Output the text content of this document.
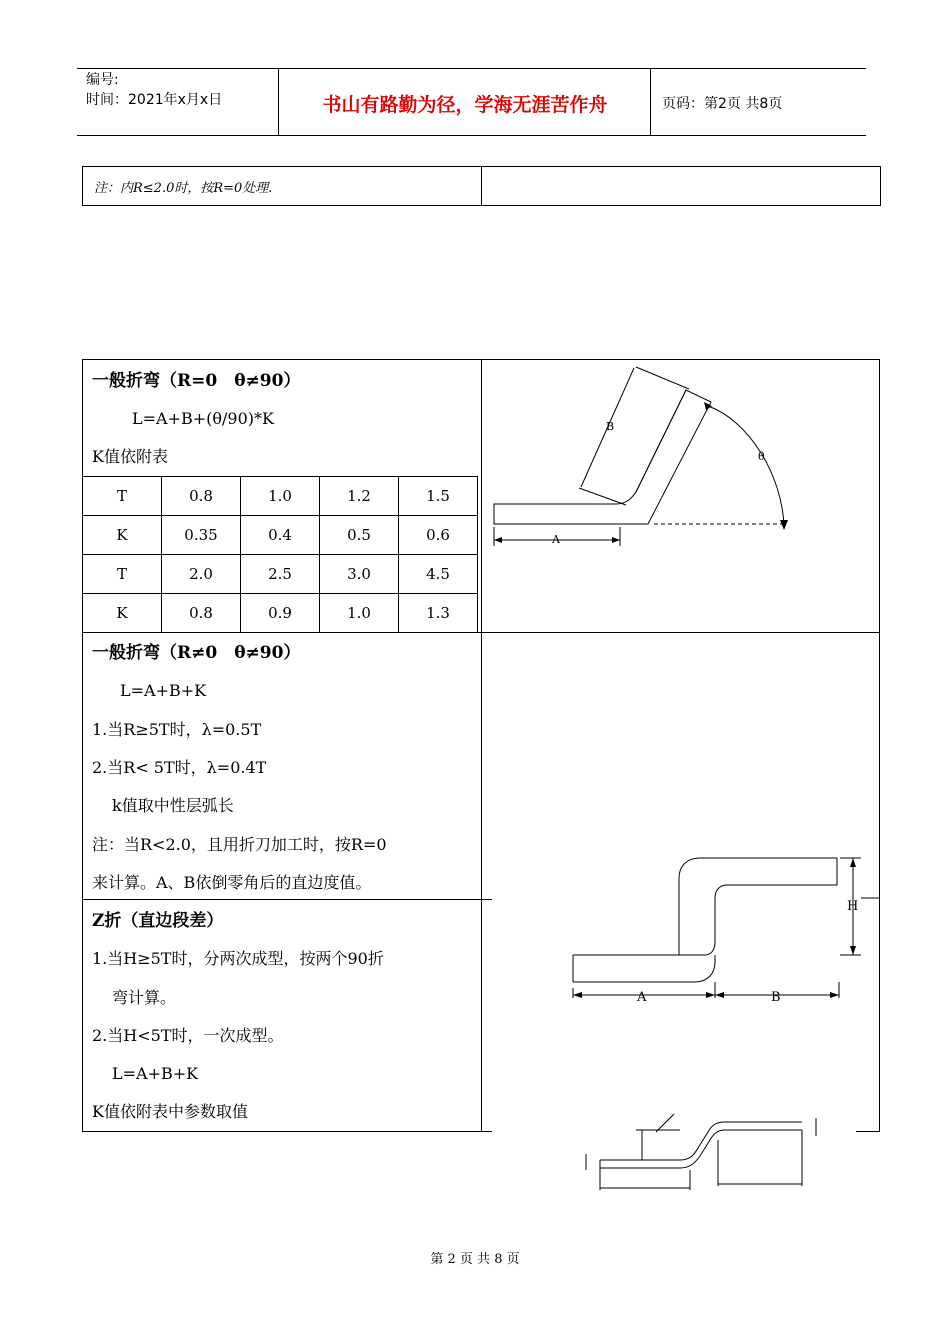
编号:
时间：2021年x月x日	书山有路勤为径，学海无涯苦作舟	页码：第2页 共8页
注：内R≤2.0时，按R=0处理.
一般折弯（R=0　θ≠90）
L=A+B+(θ/90)*K
K值依附表
T	0.8	1.0	1.2	1.5
K	0.35	0.4	0.5	0.6
T	2.0	2.5	3.0	4.5
K	0.8	0.9	1.0	1.3
B
A
θ
一般折弯（R≠0　θ≠90）
L=A+B+K
1.当R≥5T时，λ=0.5T
2.当R< 5T时，λ=0.4T
k值取中性层弧长
注：当R<2.0，且用折刀加工时，按R=0
来计算。A、B依倒零角后的直边度值。
Z折（直边段差）
1.当H≥5T时，分两次成型，按两个90折
弯计算。
2.当H<5T时，一次成型。
L=A+B+K
K值依附表中参数取值
H
A	B
第 2 页 共 8 页
